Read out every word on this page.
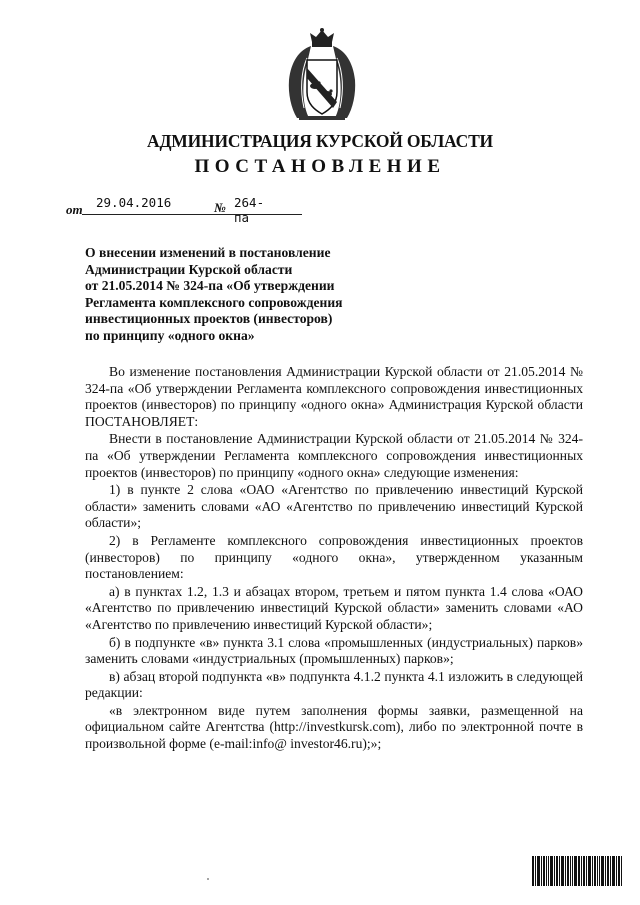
АДМИНИСТРАЦИЯ КУРСКОЙ ОБЛАСТИ
ПОСТАНОВЛЕНИЕ
от 29.04.2016	№ 264-па
О внесении изменений в постановление
Администрации Курской области
от 21.05.2014 № 324-па «Об утверждении
Регламента комплексного сопровождения
инвестиционных проектов (инвесторов)
по принципу «одного окна»

Во изменение постановления Администрации Курской области от 21.05.2014 № 324-па «Об утверждении Регламента комплексного сопровождения инвестиционных проектов (инвесторов) по принципу «одного окна» Администрация Курской области ПОСТАНОВЛЯЕТ:

Внести в постановление Администрации Курской области от 21.05.2014 № 324-па «Об утверждении Регламента комплексного сопровождения инвестиционных проектов (инвесторов) по принципу «одного окна» следующие изменения:

1) в пункте 2 слова «ОАО «Агентство по привлечению инвестиций Курской области» заменить словами «АО «Агентство по привлечению инвестиций Курской области»;

2) в Регламенте комплексного сопровождения инвестиционных проектов (инвесторов) по принципу «одного окна», утвержденном указанным постановлением:

а) в пунктах 1.2, 1.3 и абзацах втором, третьем и пятом пункта 1.4 слова «ОАО «Агентство по привлечению инвестиций Курской области» заменить словами «АО «Агентство по привлечению инвестиций Курской области»;

б) в подпункте «в» пункта 3.1 слова «промышленных (индустриальных) парков» заменить словами «индустриальных (промышленных) парков»;

в) абзац второй подпункта «в» подпункта 4.1.2 пункта 4.1 изложить в следующей редакции:

«в электронном виде путем заполнения формы заявки, размещенной на официальном сайте Агентства (http://investkursk.com), либо по электронной почте в произвольной форме (e-mail:info@ investor46.ru);»;
